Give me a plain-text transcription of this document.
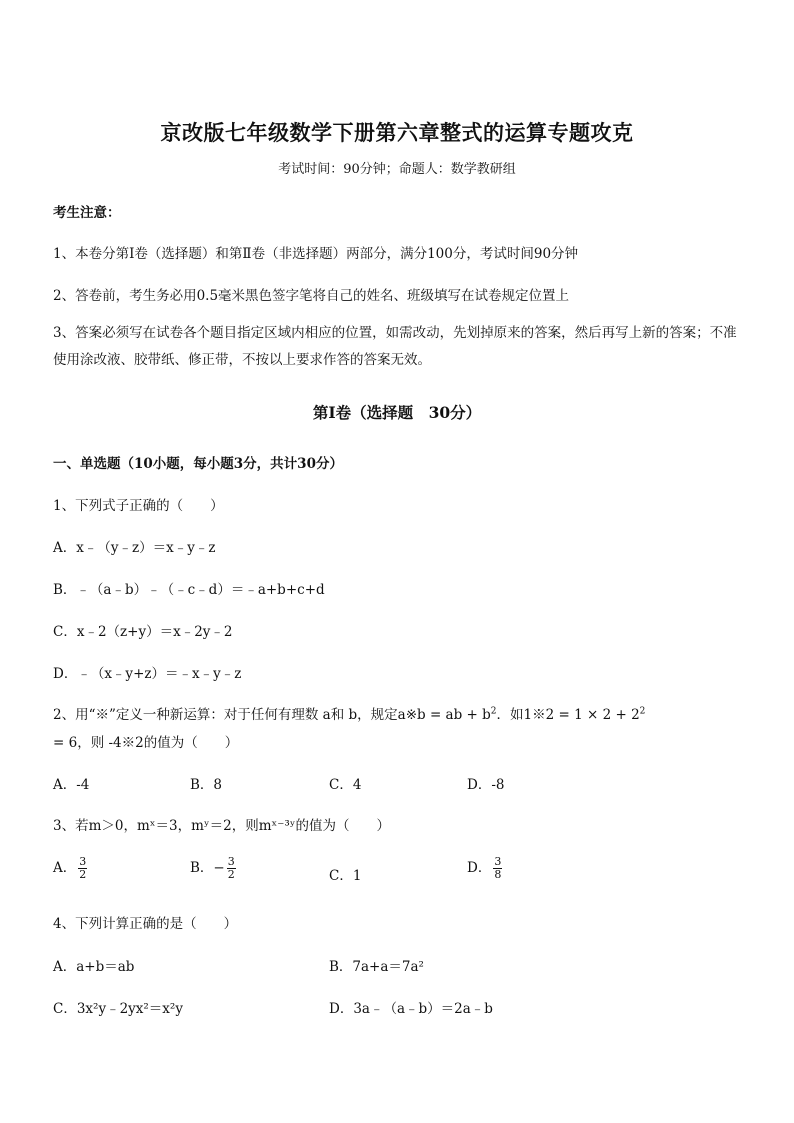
京改版七年级数学下册第六章整式的运算专题攻克
考试时间：90分钟；命题人：数学教研组
考生注意：
1、本卷分第Ⅰ卷（选择题）和第Ⅱ卷（非选择题）两部分，满分100分，考试时间90分钟
2、答卷前，考生务必用0.5毫米黑色签字笔将自己的姓名、班级填写在试卷规定位置上
3、答案必须写在试卷各个题目指定区域内相应的位置，如需改动，先划掉原来的答案，然后再写上新的答案；不准使用涂改液、胶带纸、修正带，不按以上要求作答的答案无效。
第Ⅰ卷（选择题　30分）
一、单选题（10小题，每小题3分，共计30分）
1、下列式子正确的（　　）
A．x﹣（y﹣z）＝x﹣y﹣z
B．﹣（a﹣b）﹣（﹣c﹣d）＝﹣a+b+c+d
C．x﹣2（z+y）＝x﹣2y﹣2
D．﹣（x﹣y+z）＝﹣x﹣y﹣z
2、用“※”定义一种新运算：对于任何有理数 a和 b，规定a※b = ab + $b^2$．如1※2 = $1 \times 2 + 2^2$
= 6，则 -4※2的值为（　　）
A．-4	B．8	C．4	D．-8
3、若m＞0，mˣ＝3，mʸ＝2，则mˣ⁻³ʸ的值为（　　）
A． $\frac{3}{2}$	B．− $\frac{3}{2}$	C．1	D． $\frac{3}{8}$
4、下列计算正确的是（　　）
A．a+b＝ab	B．7a+a＝7a²
C．3x²y﹣2yx²＝x²y	D．3a﹣（a﹣b）＝2a﹣b
